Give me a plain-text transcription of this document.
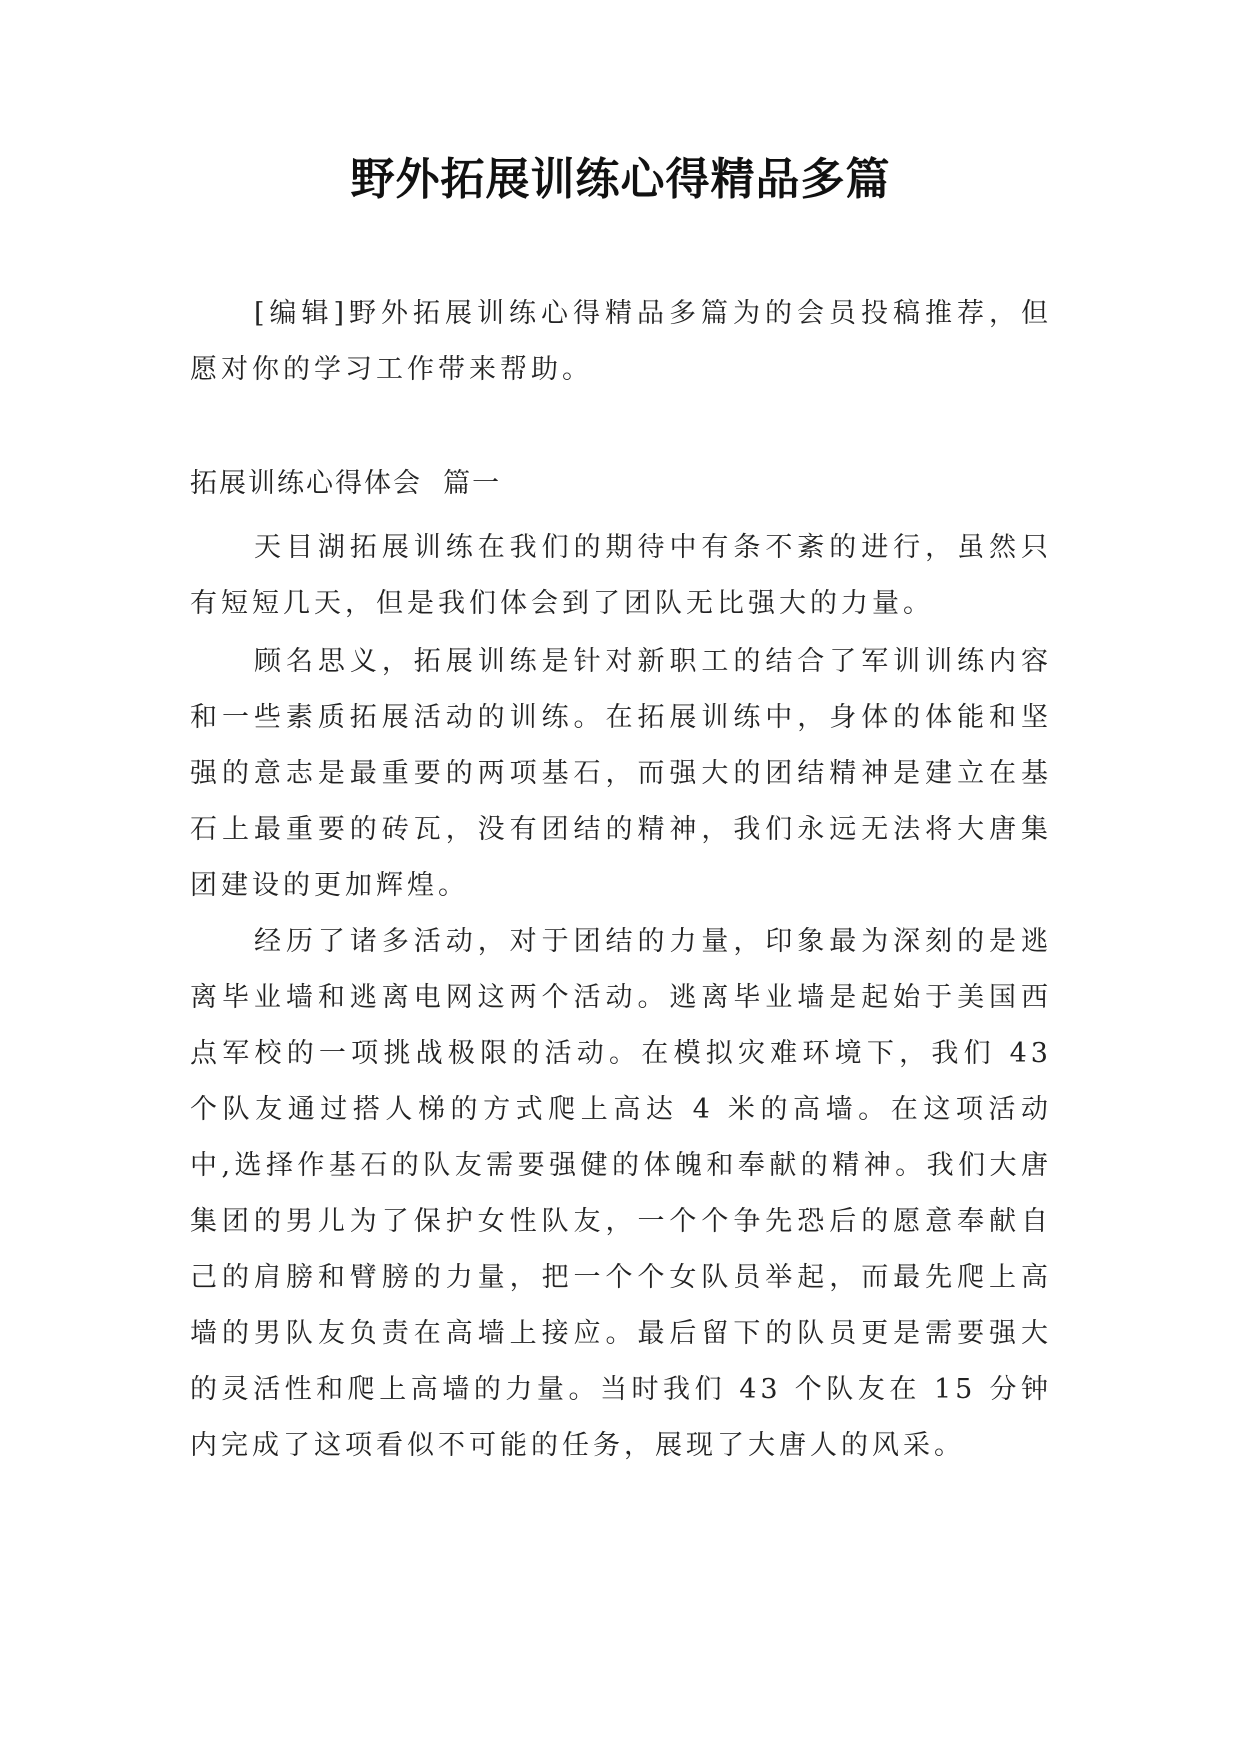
野外拓展训练心得精品多篇

[编辑]野外拓展训练心得精品多篇为的会员投稿推荐，但愿对你的学习工作带来帮助。

拓展训练心得体会  篇一

天目湖拓展训练在我们的期待中有条不紊的进行，虽然只有短短几天，但是我们体会到了团队无比强大的力量。

顾名思义，拓展训练是针对新职工的结合了军训训练内容和一些素质拓展活动的训练。在拓展训练中，身体的体能和坚强的意志是最重要的两项基石，而强大的团结精神是建立在基石上最重要的砖瓦，没有团结的精神，我们永远无法将大唐集团建设的更加辉煌。

经历了诸多活动，对于团结的力量，印象最为深刻的是逃离毕业墙和逃离电网这两个活动。逃离毕业墙是起始于美国西点军校的一项挑战极限的活动。在模拟灾难环境下，我们 43 个队友通过搭人梯的方式爬上高达 4 米的高墙。在这项活动中,选择作基石的队友需要强健的体魄和奉献的精神。我们大唐集团的男儿为了保护女性队友，一个个争先恐后的愿意奉献自己的肩膀和臂膀的力量，把一个个女队员举起，而最先爬上高墙的男队友负责在高墙上接应。最后留下的队员更是需要强大的灵活性和爬上高墙的力量。当时我们 43 个队友在 15 分钟内完成了这项看似不可能的任务，展现了大唐人的风采。
